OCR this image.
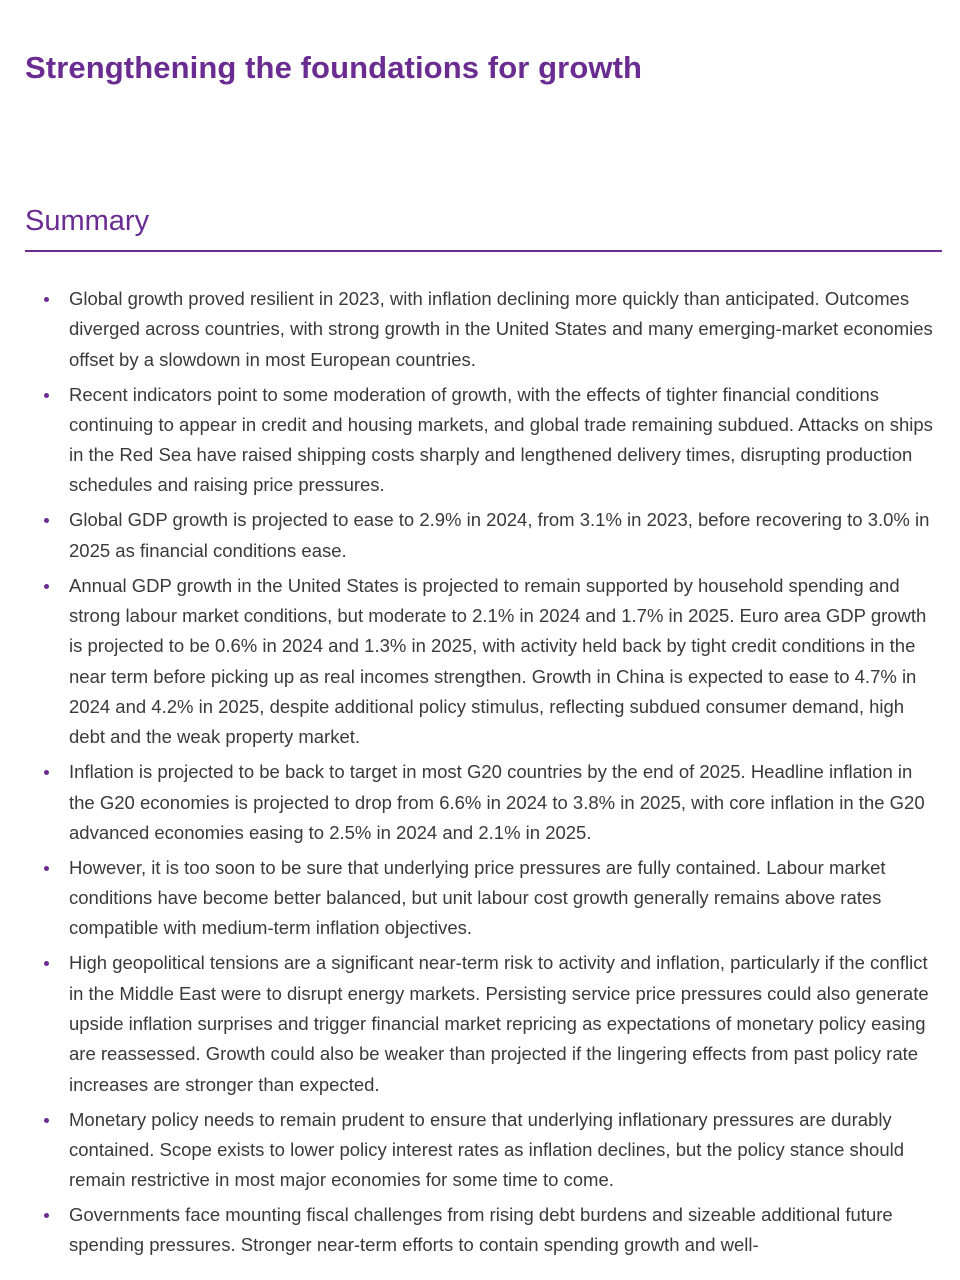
Strengthening the foundations for growth
Summary
Global growth proved resilient in 2023, with inflation declining more quickly than anticipated. Outcomes diverged across countries, with strong growth in the United States and many emerging-market economies offset by a slowdown in most European countries.
Recent indicators point to some moderation of growth, with the effects of tighter financial conditions continuing to appear in credit and housing markets, and global trade remaining subdued. Attacks on ships in the Red Sea have raised shipping costs sharply and lengthened delivery times, disrupting production schedules and raising price pressures.
Global GDP growth is projected to ease to 2.9% in 2024, from 3.1% in 2023, before recovering to 3.0% in 2025 as financial conditions ease.
Annual GDP growth in the United States is projected to remain supported by household spending and strong labour market conditions, but moderate to 2.1% in 2024 and 1.7% in 2025. Euro area GDP growth is projected to be 0.6% in 2024 and 1.3% in 2025, with activity held back by tight credit conditions in the near term before picking up as real incomes strengthen. Growth in China is expected to ease to 4.7% in 2024 and 4.2% in 2025, despite additional policy stimulus, reflecting subdued consumer demand, high debt and the weak property market.
Inflation is projected to be back to target in most G20 countries by the end of 2025. Headline inflation in the G20 economies is projected to drop from 6.6% in 2024 to 3.8% in 2025, with core inflation in the G20 advanced economies easing to 2.5% in 2024 and 2.1% in 2025.
However, it is too soon to be sure that underlying price pressures are fully contained. Labour market conditions have become better balanced, but unit labour cost growth generally remains above rates compatible with medium-term inflation objectives.
High geopolitical tensions are a significant near-term risk to activity and inflation, particularly if the conflict in the Middle East were to disrupt energy markets. Persisting service price pressures could also generate upside inflation surprises and trigger financial market repricing as expectations of monetary policy easing are reassessed. Growth could also be weaker than projected if the lingering effects from past policy rate increases are stronger than expected.
Monetary policy needs to remain prudent to ensure that underlying inflationary pressures are durably contained. Scope exists to lower policy interest rates as inflation declines, but the policy stance should remain restrictive in most major economies for some time to come.
Governments face mounting fiscal challenges from rising debt burdens and sizeable additional future spending pressures. Stronger near-term efforts to contain spending growth and well-
